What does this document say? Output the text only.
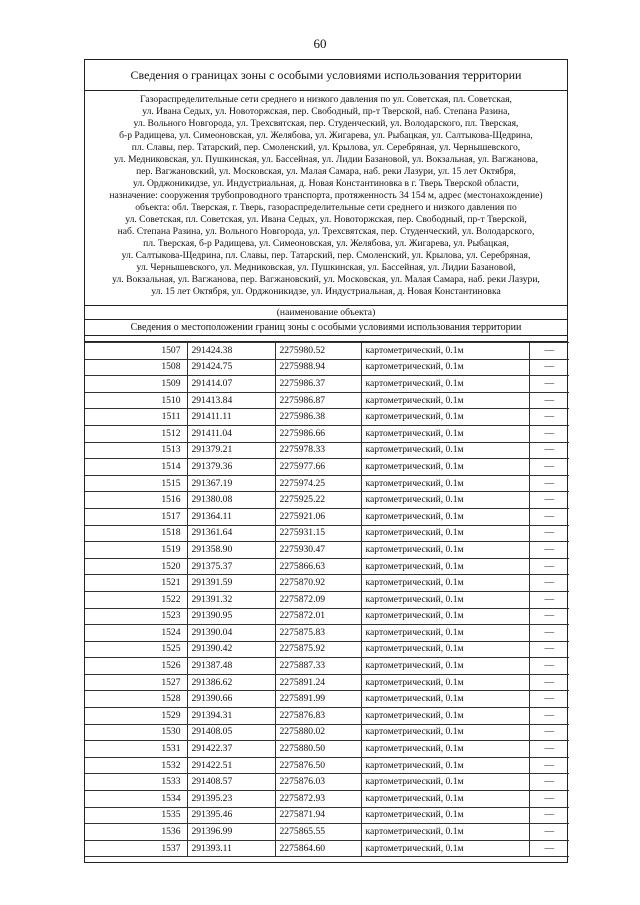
60
Сведения о границах зоны с особыми условиями использования территории

Газораспределительные сети среднего и низкого давления по ул. Советская, пл. Советская,

ул. Ивана Седых, ул. Новоторжская, пер. Свободный, пр-т Тверской, наб. Степана Разина,

ул. Вольного Новгорода, ул. Трехсвятская, пер. Студенческий, ул. Володарского, пл. Тверская,

б-р Радищева, ул. Симеоновская, ул. Желябова, ул. Жигарева, ул. Рыбацкая, ул. Салтыкова-Щедрина,

пл. Славы, пер. Татарский, пер. Смоленский, ул. Крылова, ул. Серебряная, ул. Чернышевского,

ул. Медниковская, ул. Пушкинская, ул. Бассейная, ул. Лидии Базановой, ул. Вокзальная, ул. Вагжанова,

пер. Вагжановский, ул. Московская, ул. Малая Самара, наб. реки Лазури, ул. 15 лет Октября,

ул. Орджоникидзе, ул. Индустриальная, д. Новая Константиновка в г. Тверь Тверской области,

назначение: сооружения трубопроводного транспорта, протяженность 34 154 м, адрес (местонахождение)

объекта: обл. Тверская, г. Тверь, газораспределительные сети среднего и низкого давления по

ул. Советская, пл. Советская, ул. Ивана Седых, ул. Новоторжская, пер. Свободный, пр-т Тверской,

наб. Степана Разина, ул. Вольного Новгорода, ул. Трехсвятская, пер. Студенческий, ул. Володарского,

пл. Тверская, б-р Радищева, ул. Симеоновская, ул. Желябова, ул. Жигарева, ул. Рыбацкая,

ул. Салтыкова-Щедрина, пл. Славы, пер. Татарский, пер. Смоленский, ул. Крылова, ул. Серебряная,

ул. Чернышевского, ул. Медниковская, ул. Пушкинская, ул. Бассейная, ул. Лидии Базановой,

ул. Вокзальная, ул. Вагжанова, пер. Вагжановский, ул. Московская, ул. Малая Самара, наб. реки Лазури,

ул. 15 лет Октября, ул. Орджоникидзе, ул. Индустриальная, д. Новая Константиновка

(наименование объекта)
Сведения о местоположении границ зоны с особыми условиями использования территории
1507	291424.38	2275980.52	картометрический, 0.1м	—
1508	291424.75	2275988.94	картометрический, 0.1м	—
1509	291414.07	2275986.37	картометрический, 0.1м	—
1510	291413.84	2275986.87	картометрический, 0.1м	—
1511	291411.11	2275986.38	картометрический, 0.1м	—
1512	291411.04	2275986.66	картометрический, 0.1м	—
1513	291379.21	2275978.33	картометрический, 0.1м	—
1514	291379.36	2275977.66	картометрический, 0.1м	—
1515	291367.19	2275974.25	картометрический, 0.1м	—
1516	291380.08	2275925.22	картометрический, 0.1м	—
1517	291364.11	2275921.06	картометрический, 0.1м	—
1518	291361.64	2275931.15	картометрический, 0.1м	—
1519	291358.90	2275930.47	картометрический, 0.1м	—
1520	291375.37	2275866.63	картометрический, 0.1м	—
1521	291391.59	2275870.92	картометрический, 0.1м	—
1522	291391.32	2275872.09	картометрический, 0.1м	—
1523	291390.95	2275872.01	картометрический, 0.1м	—
1524	291390.04	2275875.83	картометрический, 0.1м	—
1525	291390.42	2275875.92	картометрический, 0.1м	—
1526	291387.48	2275887.33	картометрический, 0.1м	—
1527	291386.62	2275891.24	картометрический, 0.1м	—
1528	291390.66	2275891.99	картометрический, 0.1м	—
1529	291394.31	2275876.83	картометрический, 0.1м	—
1530	291408.05	2275880.02	картометрический, 0.1м	—
1531	291422.37	2275880.50	картометрический, 0.1м	—
1532	291422.51	2275876.50	картометрический, 0.1м	—
1533	291408.57	2275876.03	картометрический, 0.1м	—
1534	291395.23	2275872.93	картометрический, 0.1м	—
1535	291395.46	2275871.94	картометрический, 0.1м	—
1536	291396.99	2275865.55	картометрический, 0.1м	—
1537	291393.11	2275864.60	картометрический, 0.1м	—
